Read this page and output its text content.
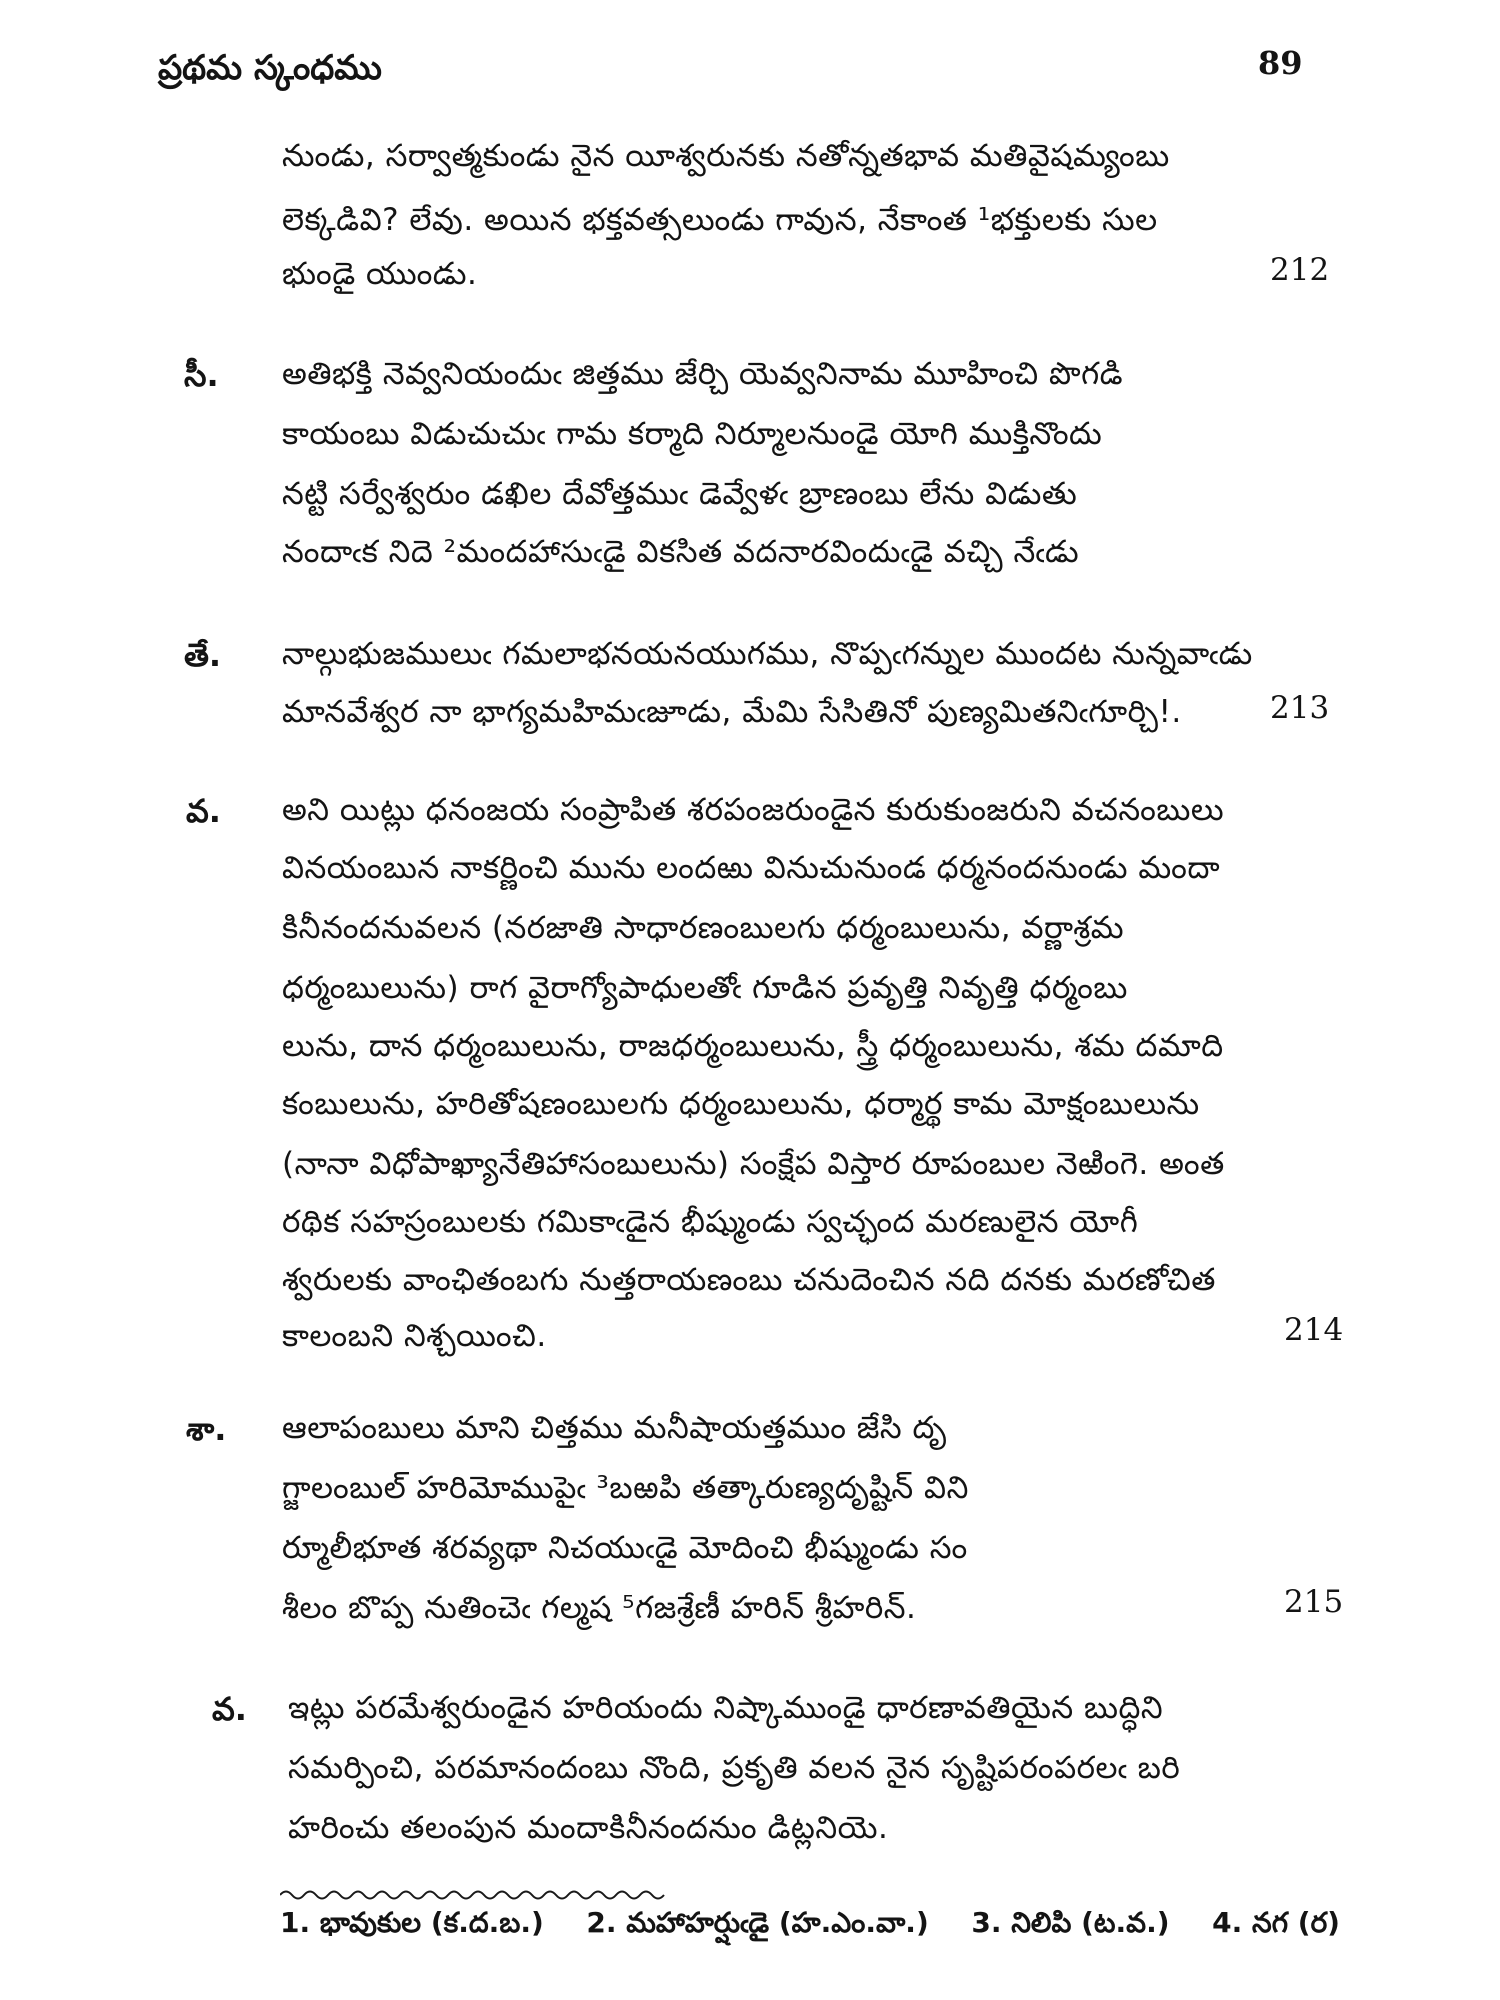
ప్రథమ స్కంధము	89
నుండు, సర్వాత్మకుండు నైన యీశ్వరునకు నతోన్నతభావ మతివైషమ్యంబు
లెక్కడివి? లేవు. అయిన భక్తవత్సలుండు గావున, నేకాంత ¹భక్తులకు సుల
భుండై యుండు.	212
సీ. అతిభక్తి నెవ్వనియందుఁ జిత్తము జేర్చి యెవ్వనినామ మూహించి పొగడి
కాయంబు విడుచుచుఁ గామ కర్మాది నిర్మూలనుండై యోగి ముక్తినొందు
నట్టి సర్వేశ్వరుం డఖిల దేవోత్తముఁ డెవ్వేళఁ బ్రాణంబు లేను విడుతు
నందాఁక నిదె ²మందహాసుఁడై వికసిత వదనారవిందుఁడై వచ్చి నేఁడు
తే. నాల్గుభుజములుఁ గమలాభనయనయుగము, నొప్పఁగన్నుల ముందట నున్నవాఁడు
మానవేశ్వర నా భాగ్యమహిమఁజూడు, మేమి సేసితినో పుణ్యమితనిఁగూర్చి!.	213
వ. అని యిట్లు ధనంజయ సంప్రాపిత శరపంజరుండైన కురుకుంజరుని వచనంబులు
వినయంబున నాకర్ణించి మును లందఱు వినుచునుండ ధర్మనందనుండు మందా
కినీనందనువలన (నరజాతి సాధారణంబులగు ధర్మంబులును, వర్ణాశ్రమ
ధర్మంబులును) రాగ వైరాగ్యోపాధులతోఁ గూడిన ప్రవృత్తి నివృత్తి ధర్మంబు
లును, దాన ధర్మంబులును, రాజధర్మంబులును, స్త్రీ ధర్మంబులును, శమ దమాది
కంబులును, హరితోషణంబులగు ధర్మంబులును, ధర్మార్థ కామ మోక్షంబులును
(నానా విధోపాఖ్యానేతిహాసంబులును) సంక్షేప విస్తార రూపంబుల నెఱింగె. అంత
రథిక సహస్రంబులకు గమికాఁడైన భీష్ముండు స్వచ్ఛంద మరణులైన యోగీ
శ్వరులకు వాంఛితంబగు నుత్తరాయణంబు చనుదెంచిన నది దనకు మరణోచిత
కాలంబని నిశ్చయించి.	214
శా. ఆలాపంబులు మాని చిత్తము మనీషాయత్తముం జేసి దృ
గ్జాలంబుల్ హరిమోముపైఁ ³బఱపి తత్కారుణ్యదృష్టిన్ విని
ర్మూలీభూత శరవ్యథా నిచయుఁడై మోదించి భీష్ముండు సం
శీలం బొప్ప నుతించెఁ గల్మష ⁵గజశ్రేణీ హరిన్ శ్రీహరిన్.	215
వ. ఇట్లు పరమేశ్వరుండైన హరియందు నిష్కాముండై ధారణావతియైన బుద్ధిని
సమర్పించి, పరమానందంబు నొంది, ప్రకృతి వలన నైన సృష్టిపరంపరలఁ బరి
హరించు తలంపున మందాకినీనందనుం డిట్లనియె.
1. భావుకుల (క.ద.బ.) 2. మహాహర్షుఁడై (హ.ఎం.వా.) 3. నిలిపి (ట.వ.) 4. నగ (ర)
